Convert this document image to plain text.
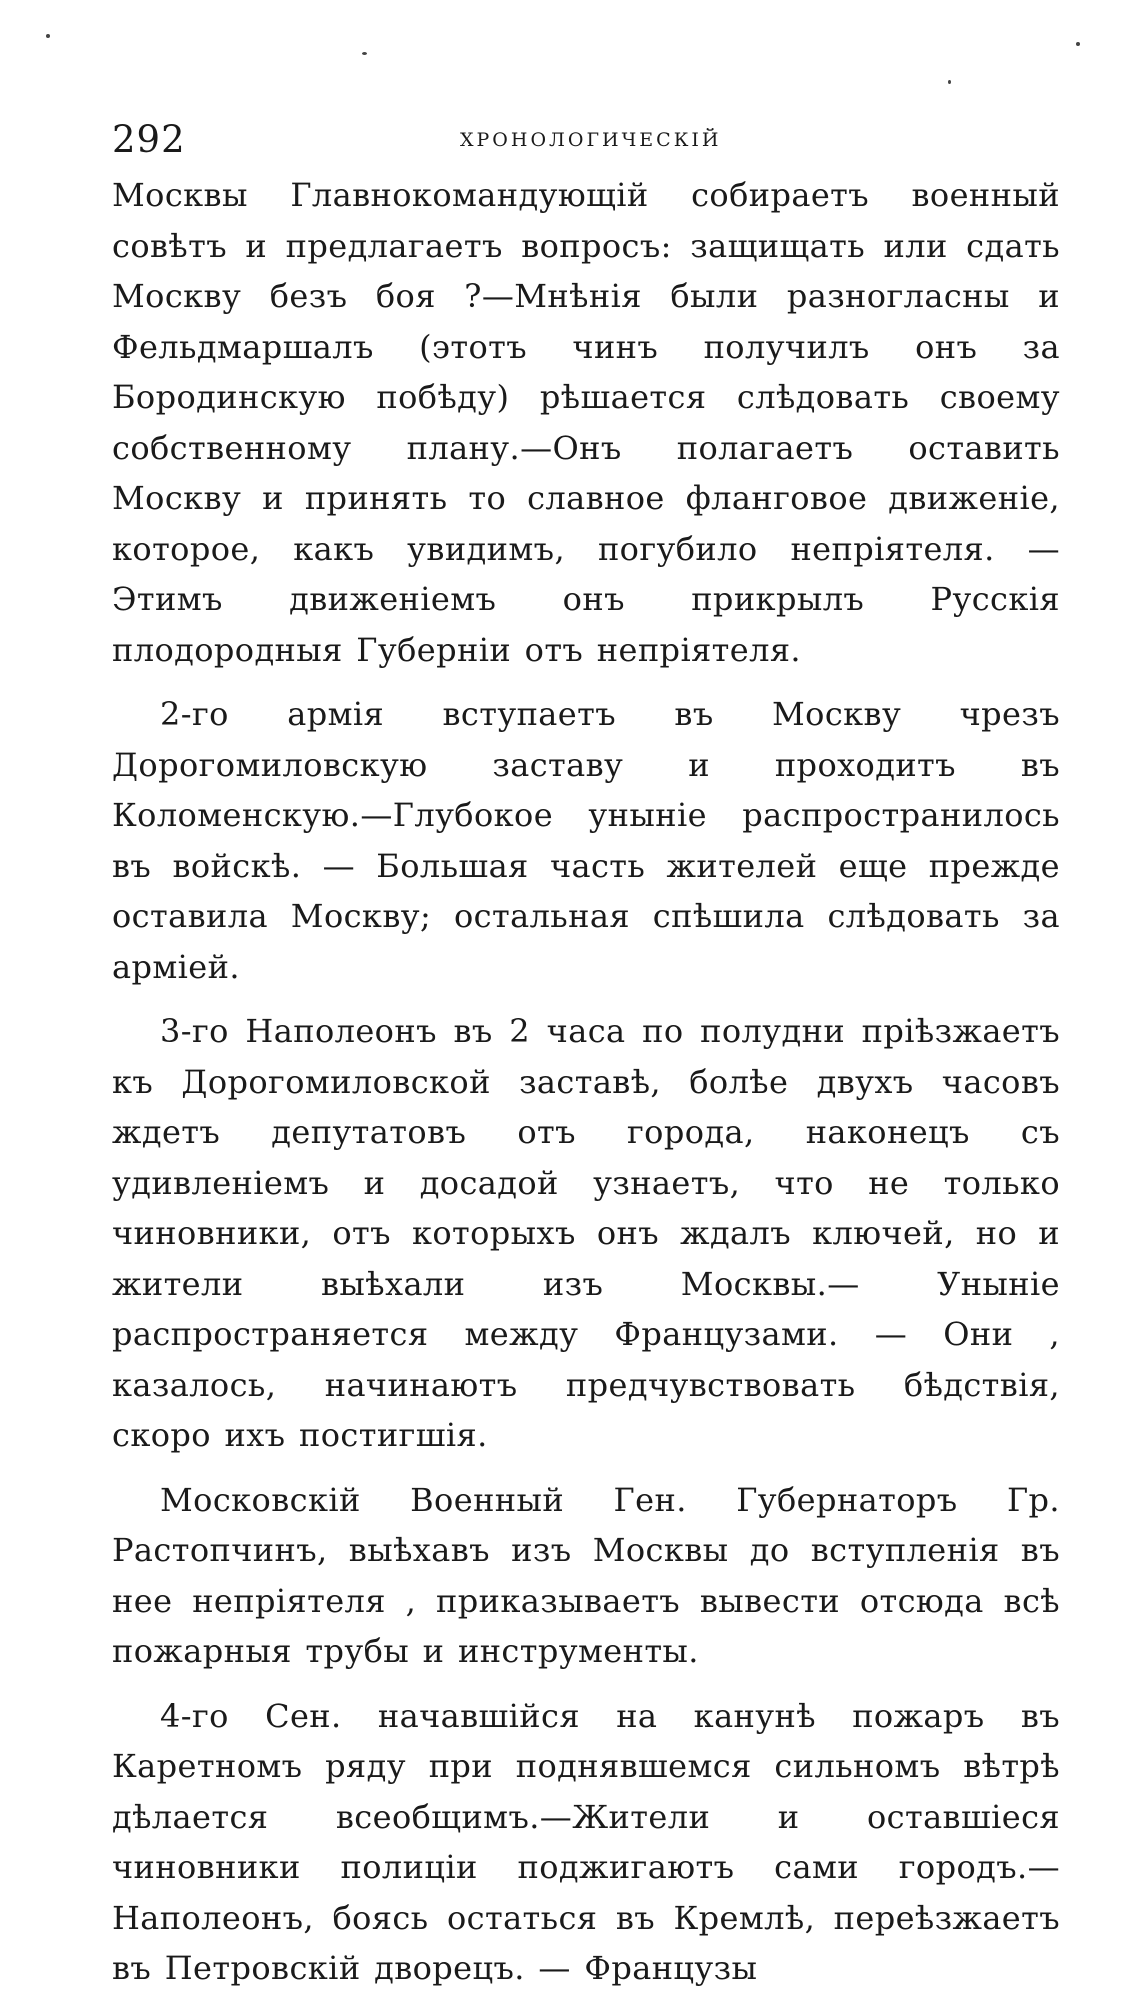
292	хронологическій

Москвы Главнокомандующій собираетъ военный совѣтъ и предлагаетъ вопросъ: защищать или сдать Москву безъ боя ?—Мнѣнія были разногласны и Фельдмаршалъ (этотъ чинъ получилъ онъ за Бородинскую побѣду) рѣшается слѣдовать своему собственному плану.—Онъ полагаетъ оставить Москву и принять то славное фланговое движеніе, которое, какъ увидимъ, погубило непріятеля. — Этимъ движеніемъ онъ прикрылъ Русскія плодородныя Губерніи отъ непріятеля.

2-го армія вступаетъ въ Москву чрезъ Дорогомиловскую заставу и проходитъ въ Коломенскую.—Глубокое уныніе распространилось въ войскѣ. — Большая часть жителей еще прежде оставила Москву; остальная спѣшила слѣдовать за арміей.

3-го Наполеонъ въ 2 часа по полудни пріѣзжаетъ къ Дорогомиловской заставѣ, болѣе двухъ часовъ ждетъ депутатовъ отъ города, наконецъ съ удивленіемъ и досадой узнаетъ, что не только чиновники, отъ которыхъ онъ ждалъ ключей, но и жители выѣхали изъ Москвы.— Уныніе распространяется между Французами. — Они , казалось, начинаютъ предчувствовать бѣдствія, скоро ихъ постигшія.

Московскій Военный Ген. Губернаторъ Гр. Растопчинъ, выѣхавъ изъ Москвы до вступленія въ нее непріятеля , приказываетъ вывести отсюда всѣ пожарныя трубы и инструменты.

4-го Сен. начавшійся на канунѣ пожаръ въ Каретномъ ряду при поднявшемся сильномъ вѣтрѣ дѣлается всеобщимъ.—Жители и оставшіеся чиновники полиціи поджигаютъ сами городъ.—Наполеонъ, боясь остаться въ Кремлѣ, переѣзжаетъ въ Петровскій дворецъ. — Французы
